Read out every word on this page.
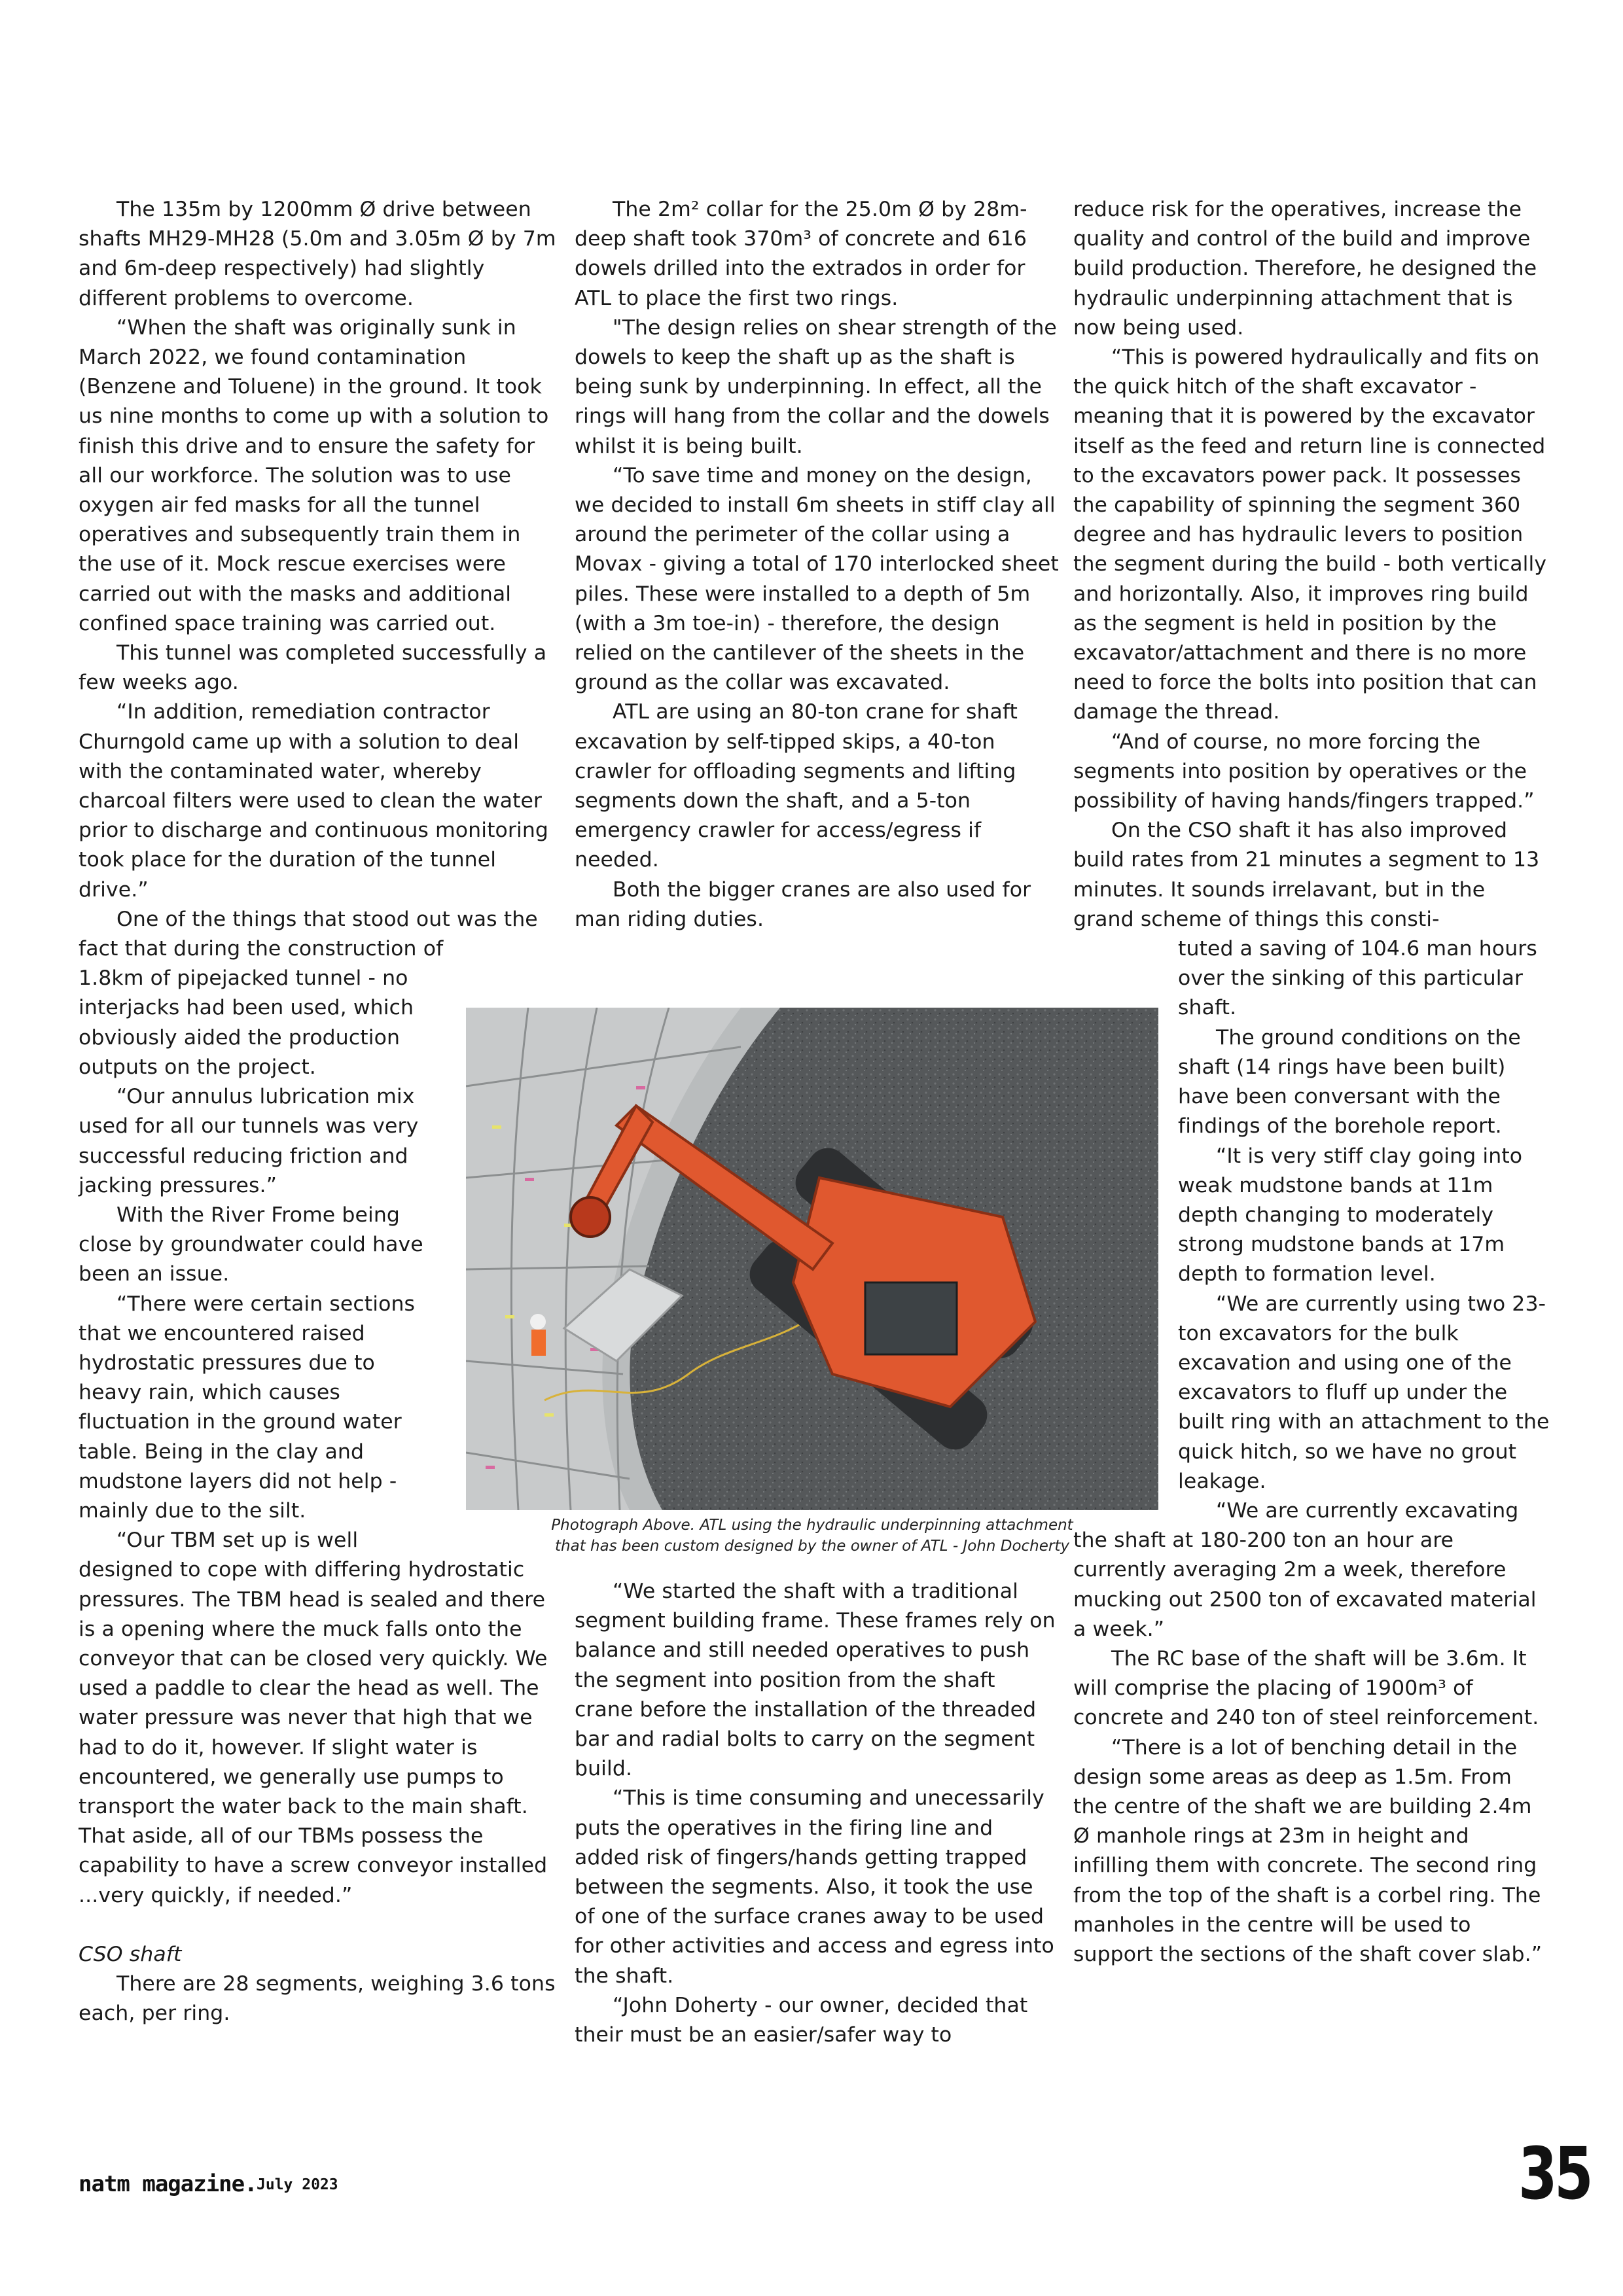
The 135m by 1200mm Ø drive between shafts MH29-MH28 (5.0m and 3.05m Ø by 7m and 6m-deep respectively) had slightly different problems to overcome.

“When the shaft was originally sunk in March 2022, we found contamination (Benzene and Toluene) in the ground. It took us nine months to come up with a solution to finish this drive and to ensure the safety for all our workforce. The solution was to use oxygen air fed masks for all the tunnel operatives and subsequently train them in the use of it. Mock rescue exercises were carried out with the masks and additional confined space training was carried out.

This tunnel was completed successfully a few weeks ago.

“In addition, remediation contractor Churngold came up with a solution to deal with the contaminated water, whereby charcoal filters were used to clean the water prior to discharge and continuous monitoring took place for the duration of the tunnel drive.”

One of the things that stood out was the fact that during the construction of

1.8km of pipejacked tunnel - no interjacks had been used, which obviously aided the production outputs on the project.

“Our annulus lubrication mix used for all our tunnels was very successful reducing friction and jacking pressures.”

With the River Frome being close by groundwater could have been an issue.

“There were certain sections that we encountered raised hydrostatic pressures due to heavy rain, which causes fluctuation in the ground water table. Being in the clay and mudstone layers did not help - mainly due to the silt.

“Our TBM set up is well

designed to cope with differing hydrostatic pressures. The TBM head is sealed and there is a opening where the muck falls onto the conveyor that can be closed very quickly. We used a paddle to clear the head as well. The water pressure was never that high that we had to do it, however. If slight water is encountered, we generally use pumps to transport the water back to the main shaft. That aside, all of our TBMs possess the capability to have a screw conveyor installed ...very quickly, if needed.”

CSO shaft

There are 28 segments, weighing 3.6 tons each, per ring.

The 2m² collar for the 25.0m Ø by 28m-deep shaft took 370m³ of concrete and 616 dowels drilled into the extrados in order for ATL to place the first two rings.

"The design relies on shear strength of the dowels to keep the shaft up as the shaft is being sunk by underpinning. In effect, all the rings will hang from the collar and the dowels whilst it is being built.

“To save time and money on the design, we decided to install 6m sheets in stiff clay all around the perimeter of the collar using a Movax - giving a total of 170 interlocked sheet piles. These were installed to a depth of 5m (with a 3m toe-in) - therefore, the design relied on the cantilever of the sheets in the ground as the collar was excavated.

ATL are using an 80-ton crane for shaft excavation by self-tipped skips, a 40-ton crawler for offloading segments and lifting segments down the shaft, and a 5-ton emergency crawler for access/egress if needed.

Both the bigger cranes are also used for man riding duties.

“We started the shaft with a traditional segment building frame. These frames rely on balance and still needed operatives to push the segment into position from the shaft crane before the installation of the threaded bar and radial bolts to carry on the segment build.

“This is time consuming and unecessarily puts the operatives in the firing line and added risk of fingers/hands getting trapped between the segments. Also, it took the use of one of the surface cranes away to be used for other activities and access and egress into the shaft.

“John Doherty - our owner, decided that their must be an easier/safer way to

reduce risk for the operatives, increase the quality and control of the build and improve build production. Therefore, he designed the hydraulic underpinning attachment that is now being used.

“This is powered hydraulically and fits on the quick hitch of the shaft excavator - meaning that it is powered by the excavator itself as the feed and return line is connected to the excavators power pack. It possesses the capability of spinning the segment 360 degree and has hydraulic levers to position the segment during the build - both vertically and horizontally. Also, it improves ring build as the segment is held in position by the excavator/attachment and there is no more need to force the bolts into position that can damage the thread.

“And of course, no more forcing the segments into position by operatives or the possibility of having hands/fingers trapped.”

On the CSO shaft it has also improved build rates from 21 minutes a segment to 13 minutes. It sounds irrelavant, but in the grand scheme of things this consti-

tuted a saving of 104.6 man hours over the sinking of this particular shaft.

The ground conditions on the shaft (14 rings have been built) have been conversant with the findings of the borehole report.

“It is very stiff clay going into weak mudstone bands at 11m depth changing to moderately strong mudstone bands at 17m depth to formation level.

“We are currently using two 23-ton excavators for the bulk excavation and using one of the excavators to fluff up under the built ring with an attachment to the quick hitch, so we have no grout leakage.

“We are currently excavating

the shaft at 180-200 ton an hour are currently averaging 2m a week, therefore mucking out 2500 ton of excavated material a week.”

The RC base of the shaft will be 3.6m. It will comprise the placing of 1900m³ of concrete and 240 ton of steel reinforcement.

“There is a lot of benching detail in the design some areas as deep as 1.5m. From the centre of the shaft we are building 2.4m Ø manhole rings at 23m in height and infilling them with concrete. The second ring from the top of the shaft is a corbel ring. The manholes in the centre will be used to support the sections of the shaft cover slab.”

Photograph Above. ATL using the hydraulic underpinning attachment
that has been custom designed by the owner of ATL - John Docherty
natm magazine. July 2023	35
